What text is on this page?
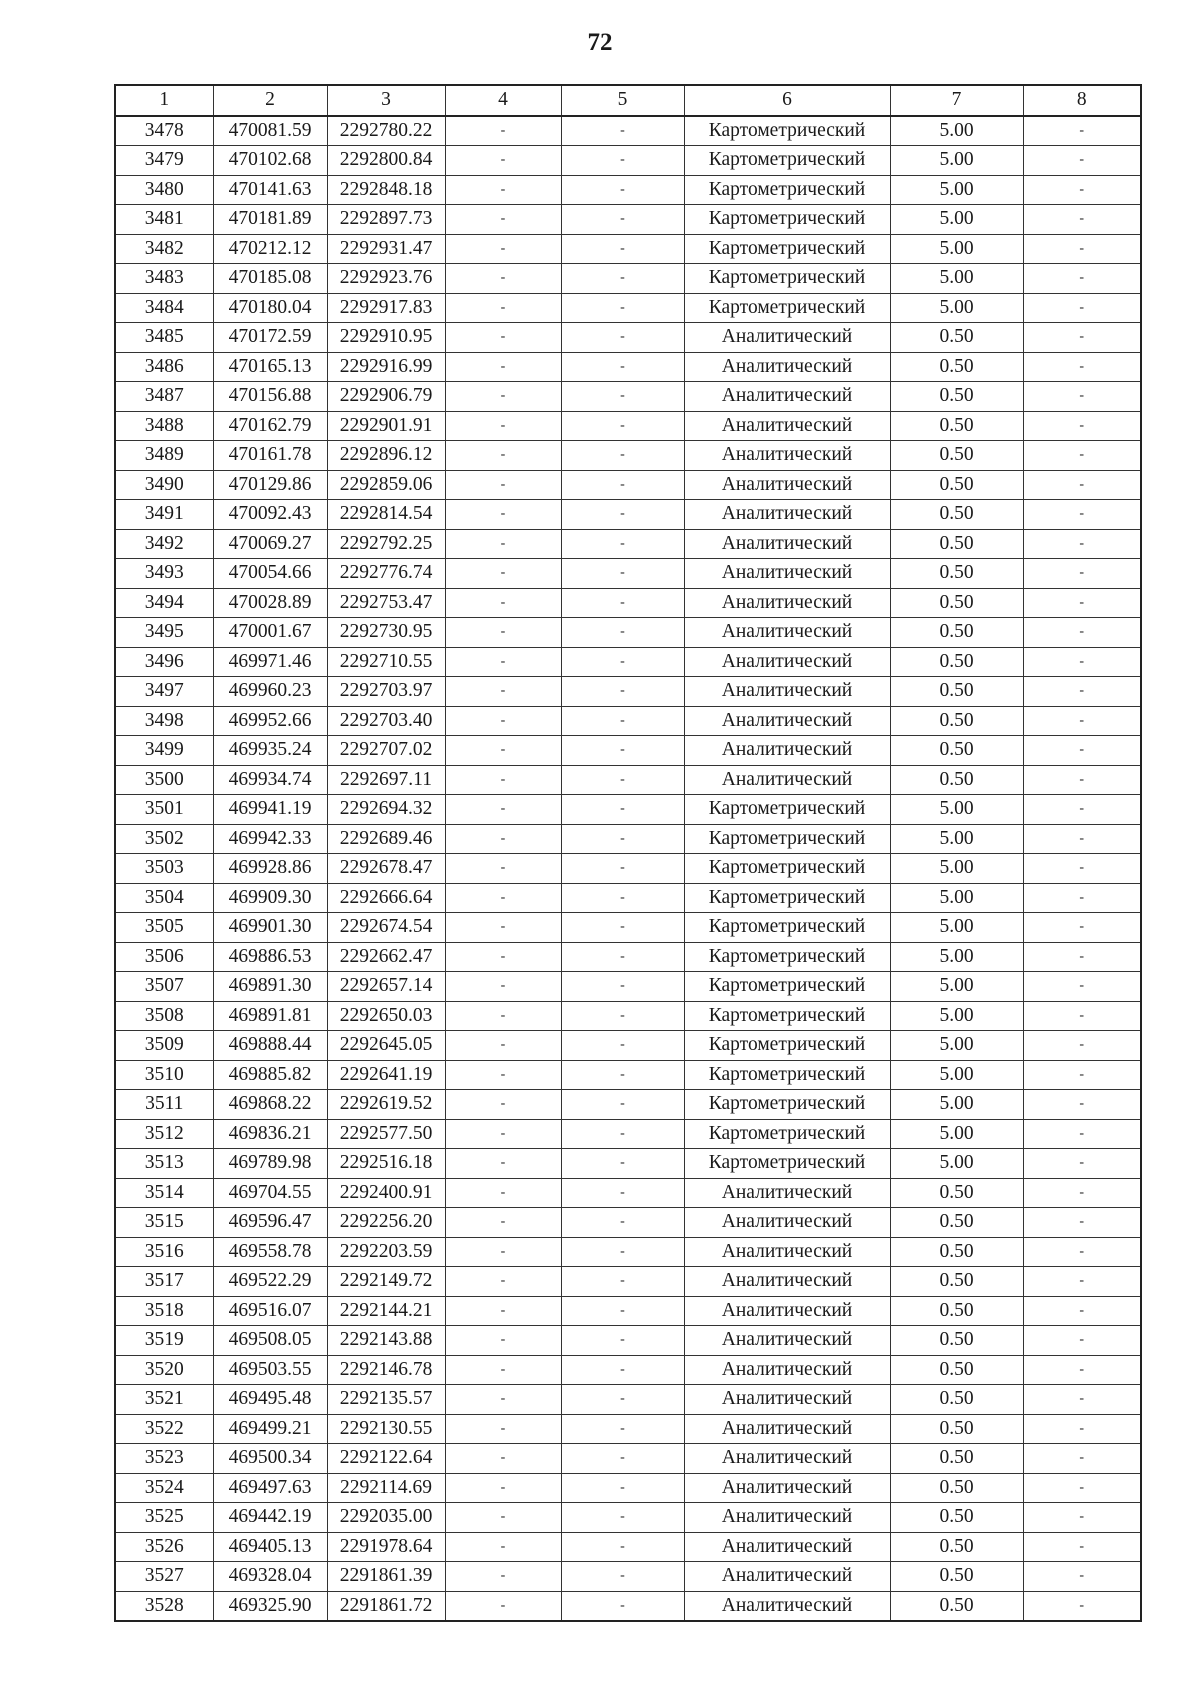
72
1	2	3	4	5	6	7	8
3478	470081.59	2292780.22	-	-	Картометрический	5.00	-
3479	470102.68	2292800.84	-	-	Картометрический	5.00	-
3480	470141.63	2292848.18	-	-	Картометрический	5.00	-
3481	470181.89	2292897.73	-	-	Картометрический	5.00	-
3482	470212.12	2292931.47	-	-	Картометрический	5.00	-
3483	470185.08	2292923.76	-	-	Картометрический	5.00	-
3484	470180.04	2292917.83	-	-	Картометрический	5.00	-
3485	470172.59	2292910.95	-	-	Аналитический	0.50	-
3486	470165.13	2292916.99	-	-	Аналитический	0.50	-
3487	470156.88	2292906.79	-	-	Аналитический	0.50	-
3488	470162.79	2292901.91	-	-	Аналитический	0.50	-
3489	470161.78	2292896.12	-	-	Аналитический	0.50	-
3490	470129.86	2292859.06	-	-	Аналитический	0.50	-
3491	470092.43	2292814.54	-	-	Аналитический	0.50	-
3492	470069.27	2292792.25	-	-	Аналитический	0.50	-
3493	470054.66	2292776.74	-	-	Аналитический	0.50	-
3494	470028.89	2292753.47	-	-	Аналитический	0.50	-
3495	470001.67	2292730.95	-	-	Аналитический	0.50	-
3496	469971.46	2292710.55	-	-	Аналитический	0.50	-
3497	469960.23	2292703.97	-	-	Аналитический	0.50	-
3498	469952.66	2292703.40	-	-	Аналитический	0.50	-
3499	469935.24	2292707.02	-	-	Аналитический	0.50	-
3500	469934.74	2292697.11	-	-	Аналитический	0.50	-
3501	469941.19	2292694.32	-	-	Картометрический	5.00	-
3502	469942.33	2292689.46	-	-	Картометрический	5.00	-
3503	469928.86	2292678.47	-	-	Картометрический	5.00	-
3504	469909.30	2292666.64	-	-	Картометрический	5.00	-
3505	469901.30	2292674.54	-	-	Картометрический	5.00	-
3506	469886.53	2292662.47	-	-	Картометрический	5.00	-
3507	469891.30	2292657.14	-	-	Картометрический	5.00	-
3508	469891.81	2292650.03	-	-	Картометрический	5.00	-
3509	469888.44	2292645.05	-	-	Картометрический	5.00	-
3510	469885.82	2292641.19	-	-	Картометрический	5.00	-
3511	469868.22	2292619.52	-	-	Картометрический	5.00	-
3512	469836.21	2292577.50	-	-	Картометрический	5.00	-
3513	469789.98	2292516.18	-	-	Картометрический	5.00	-
3514	469704.55	2292400.91	-	-	Аналитический	0.50	-
3515	469596.47	2292256.20	-	-	Аналитический	0.50	-
3516	469558.78	2292203.59	-	-	Аналитический	0.50	-
3517	469522.29	2292149.72	-	-	Аналитический	0.50	-
3518	469516.07	2292144.21	-	-	Аналитический	0.50	-
3519	469508.05	2292143.88	-	-	Аналитический	0.50	-
3520	469503.55	2292146.78	-	-	Аналитический	0.50	-
3521	469495.48	2292135.57	-	-	Аналитический	0.50	-
3522	469499.21	2292130.55	-	-	Аналитический	0.50	-
3523	469500.34	2292122.64	-	-	Аналитический	0.50	-
3524	469497.63	2292114.69	-	-	Аналитический	0.50	-
3525	469442.19	2292035.00	-	-	Аналитический	0.50	-
3526	469405.13	2291978.64	-	-	Аналитический	0.50	-
3527	469328.04	2291861.39	-	-	Аналитический	0.50	-
3528	469325.90	2291861.72	-	-	Аналитический	0.50	-
